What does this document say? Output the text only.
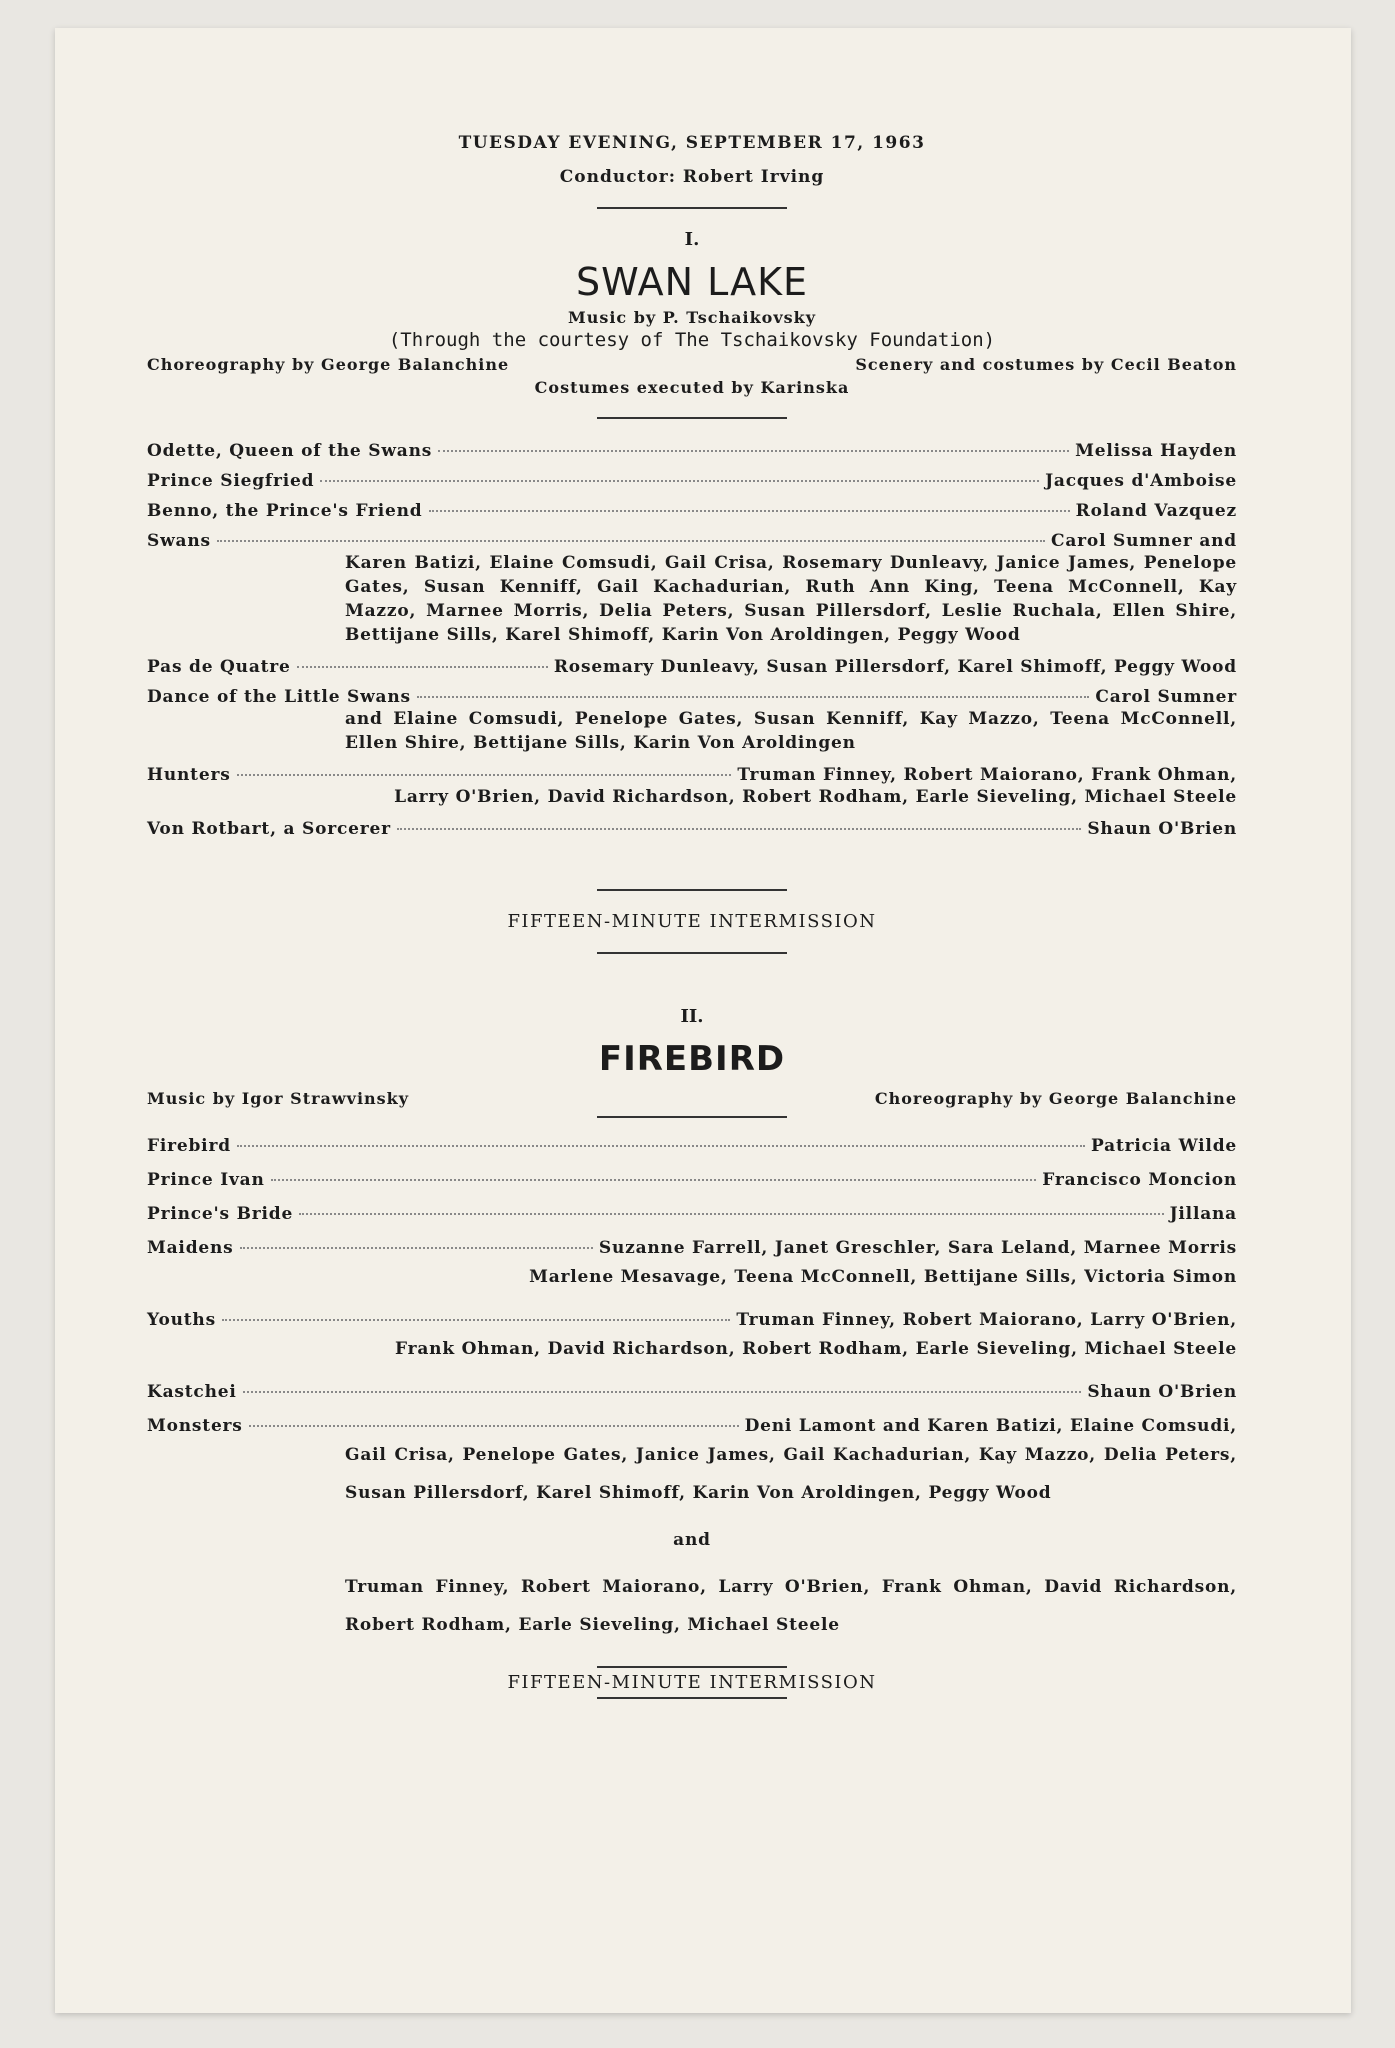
TUESDAY EVENING, SEPTEMBER 17, 1963

Conductor: Robert Irving
I.
SWAN LAKE
Music by P. Tschaikovsky
(Through the courtesy of The Tschaikovsky Foundation)
Choreography by George Balanchine	Scenery and costumes by Cecil Beaton
Costumes executed by Karinska
Odette, Queen of the Swans	Melissa Hayden
Prince Siegfried	Jacques d'Amboise
Benno, the Prince's Friend	Roland Vazquez
Swans	Carol Sumner and
Karen Batizi, Elaine Comsudi, Gail Crisa, Rosemary Dunleavy, Janice James, Penelope Gates, Susan Kenniff, Gail Kachadurian, Ruth Ann King, Teena McConnell, Kay Mazzo, Marnee Morris, Delia Peters, Susan Pillersdorf, Leslie Ruchala, Ellen Shire, Bettijane Sills, Karel Shimoff, Karin Von Aroldingen, Peggy Wood
Pas de Quatre	Rosemary Dunleavy, Susan Pillersdorf, Karel Shimoff, Peggy Wood
Dance of the Little Swans	Carol Sumner
and Elaine Comsudi, Penelope Gates, Susan Kenniff, Kay Mazzo, Teena McConnell, Ellen Shire, Bettijane Sills, Karin Von Aroldingen
Hunters	Truman Finney, Robert Maiorano, Frank Ohman,
Larry O'Brien, David Richardson, Robert Rodham, Earle Sieveling, Michael Steele
Von Rotbart, a Sorcerer	Shaun O'Brien
FIFTEEN-MINUTE INTERMISSION
II.
FIREBIRD
Music by Igor Strawvinsky	Choreography by George Balanchine
Firebird	Patricia Wilde
Prince Ivan	Francisco Moncion
Prince's Bride	Jillana
Maidens	Suzanne Farrell, Janet Greschler, Sara Leland, Marnee Morris
Marlene Mesavage, Teena McConnell, Bettijane Sills, Victoria Simon
Youths	Truman Finney, Robert Maiorano, Larry O'Brien,
Frank Ohman, David Richardson, Robert Rodham, Earle Sieveling, Michael Steele
Kastchei	Shaun O'Brien
Monsters	Deni Lamont and Karen Batizi, Elaine Comsudi,
Gail Crisa, Penelope Gates, Janice James, Gail Kachadurian, Kay Mazzo, Delia Peters, Susan Pillersdorf, Karel Shimoff, Karin Von Aroldingen, Peggy Wood
and
Truman Finney, Robert Maiorano, Larry O'Brien, Frank Ohman, David Richardson, Robert Rodham, Earle Sieveling, Michael Steele
FIFTEEN-MINUTE INTERMISSION
